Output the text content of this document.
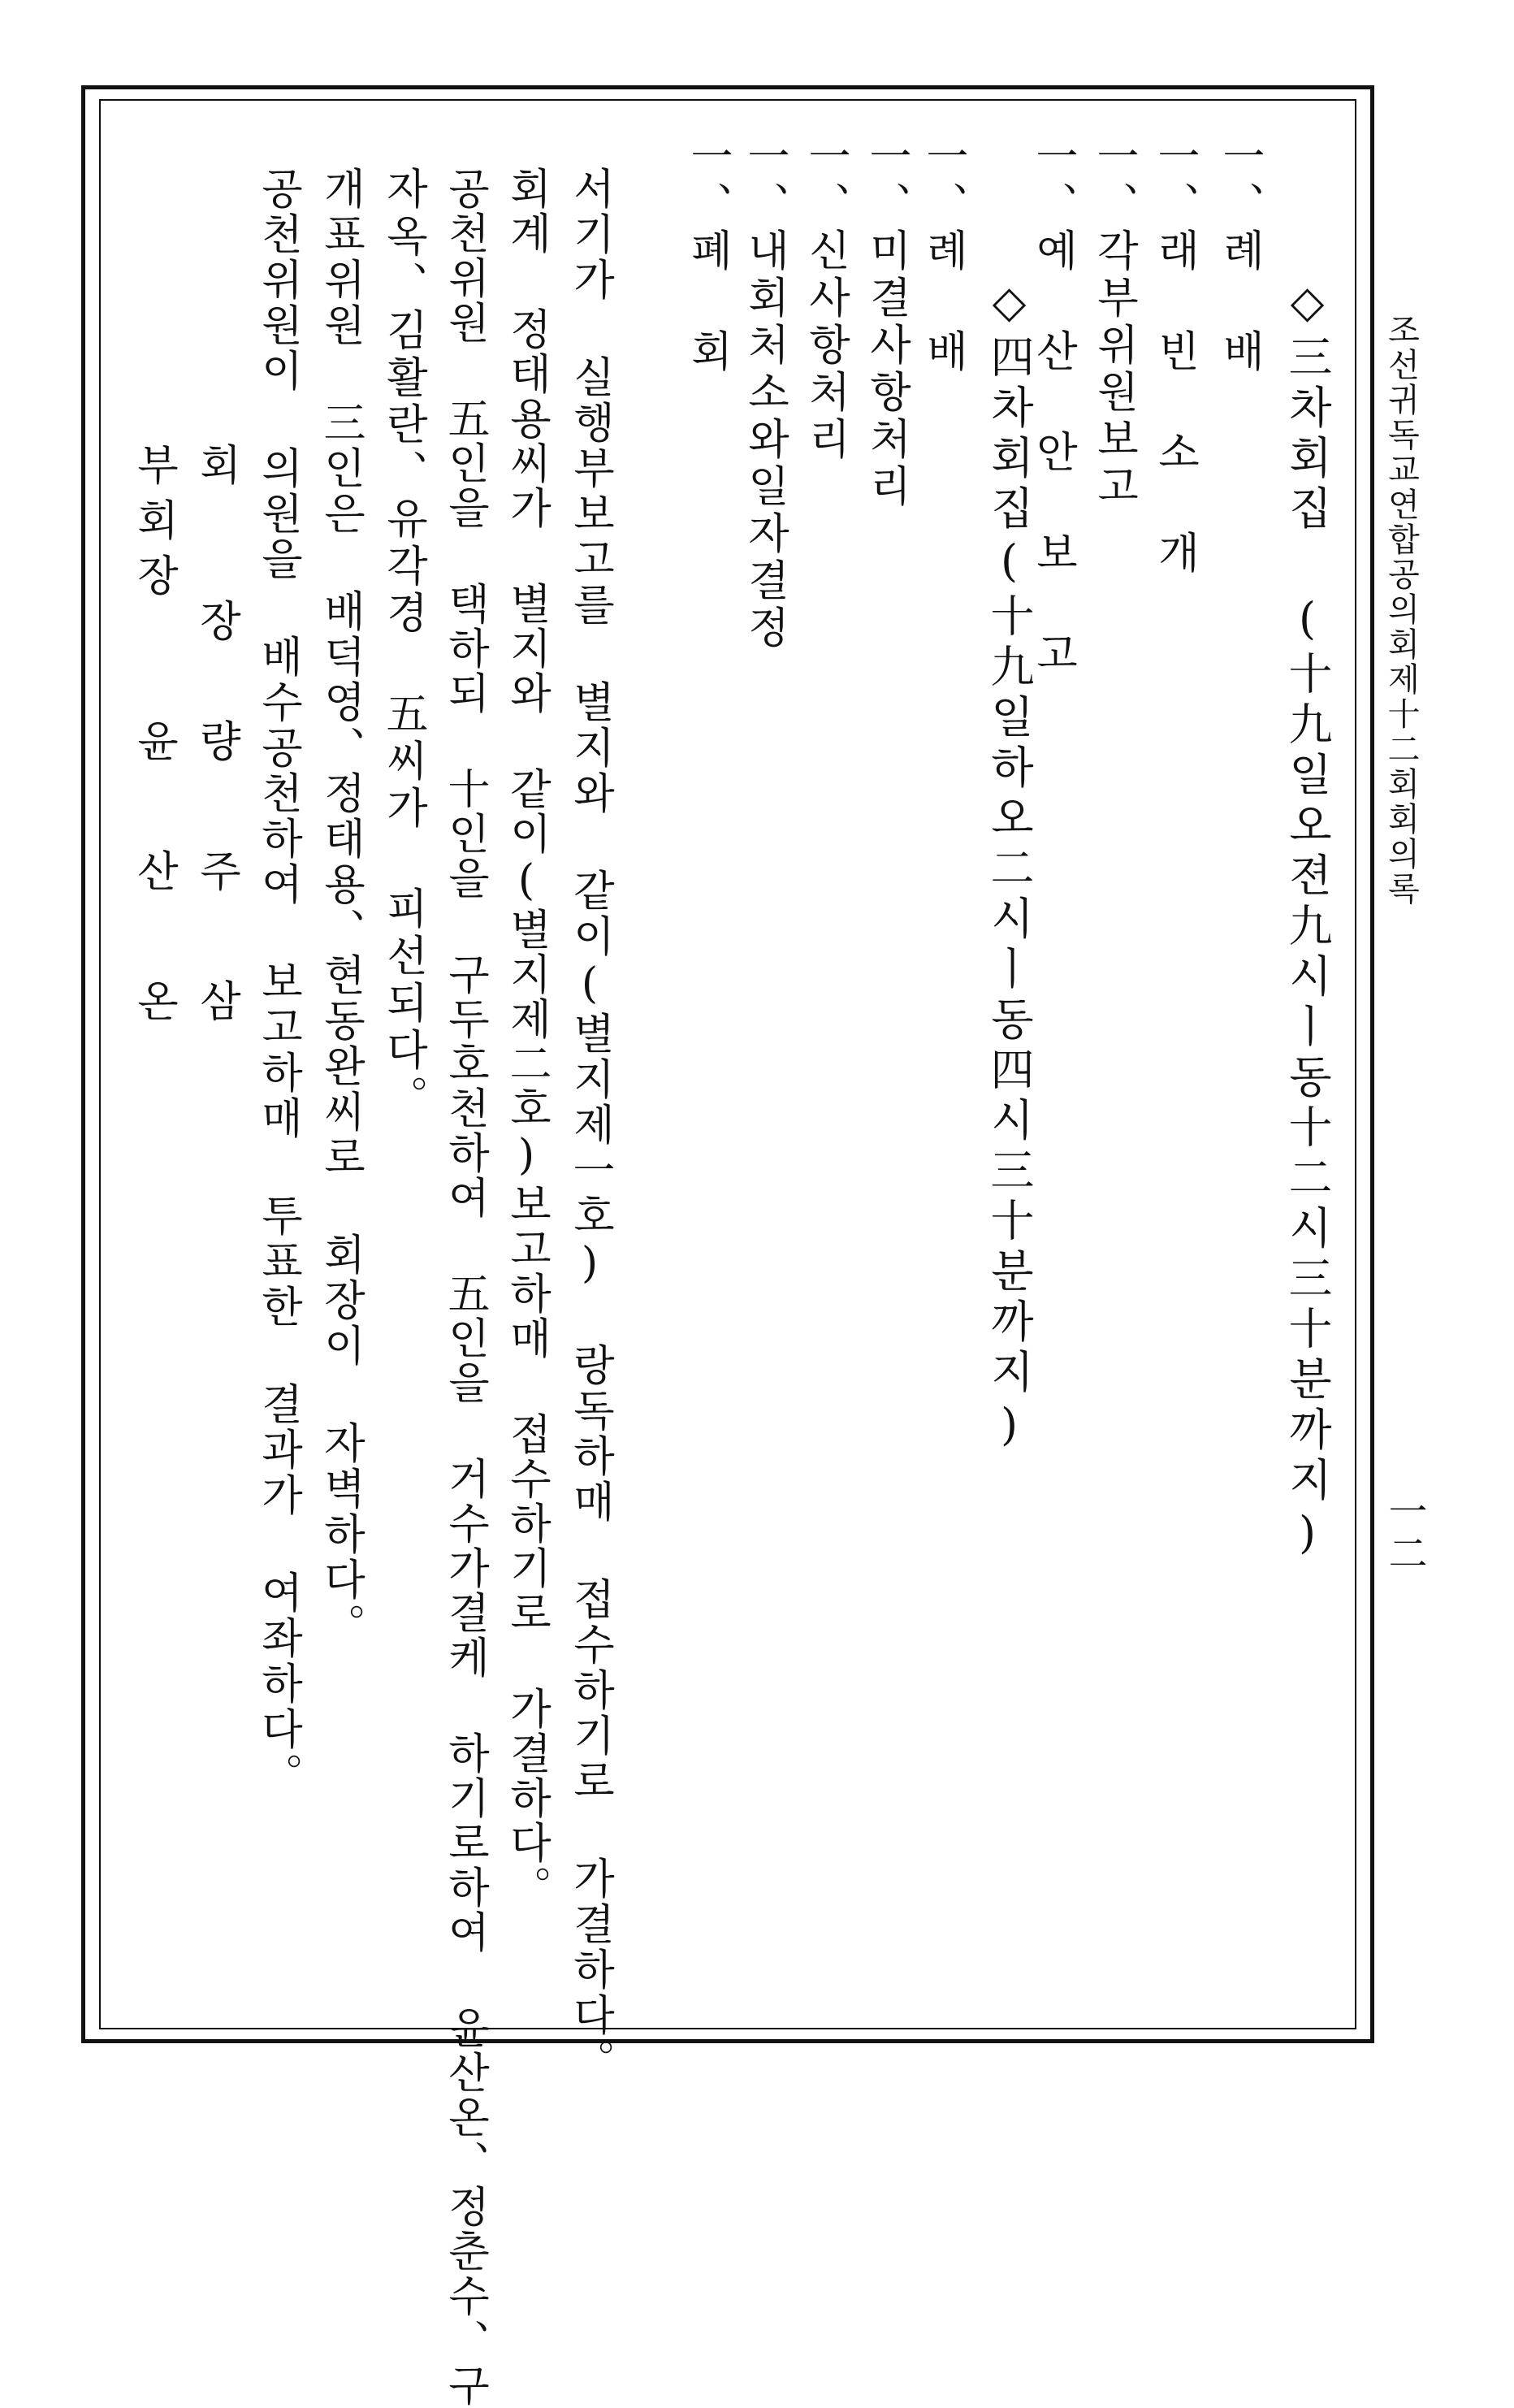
조선귀독교연합공의회제十二회회의록
一二
◇三차회집 (十九일오젼九시ㅣ동十二시三十분까지)
一、례 배
一、래 빈 소 개
一、각부위원보고
一、예 산 안 보 고
◇四차회집(十九일하오二시ㅣ동四시三十분까지)
一、례 배
一、미결사항처리
一、신사항처리
一、내회처소와일자결정
一、폐 회
서기가 실행부보고를 별지와 같이(별지제一호) 랑독하매 접수하기로 가결하다。
회계 정태용씨가 별지와 같이(별지제二호)보고하매 접수하기로 가결하다。
공천위원 五인을 택하되 十인을 구두호천하여 五인을 거수가결케 하기로하여 윤산온、정춘수、구
자옥、김활란、유각경 五씨가 피선되다。
개표위원 三인은 배덕영、정태용、현동완씨로 회장이 자벽하다。
공천위원이 의원을 배수공천하여 보고하매 투표한 결과가 여좌하다。
회 장
량 주 삼
부회장
윤 산 온
